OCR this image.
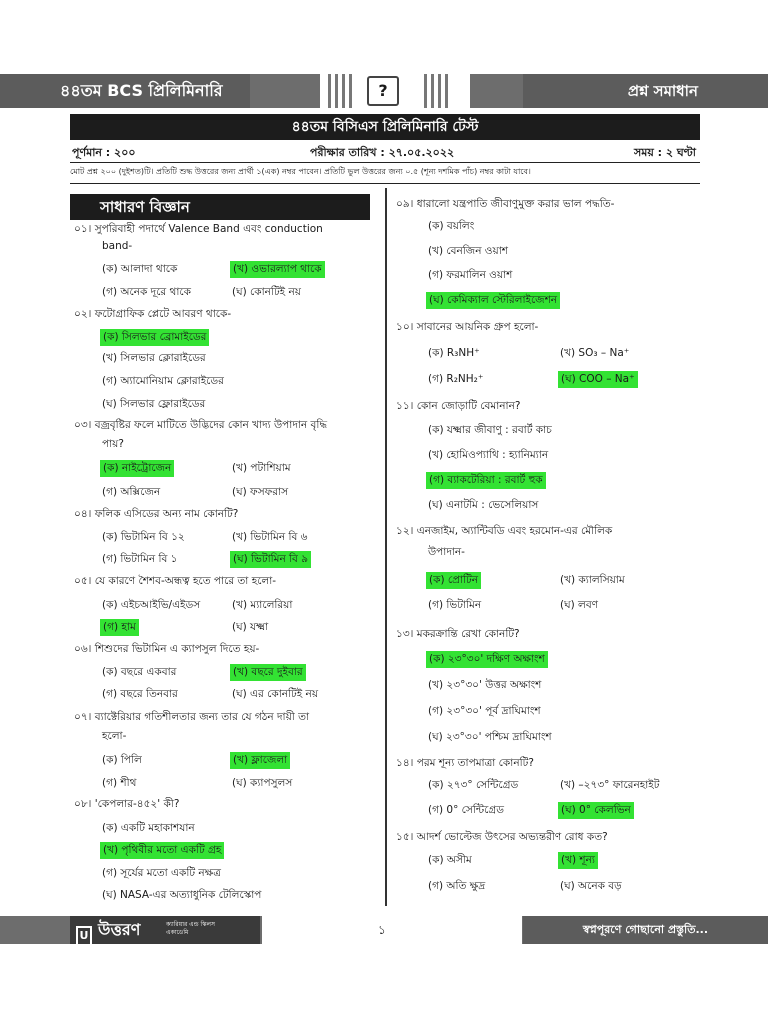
৪৪তম BCS প্রিলিমিনারি	?	প্রশ্ন সমাধান
৪৪তম বিসিএস প্রিলিমিনারি টেস্ট
পূর্ণমান : ২০০	পরীক্ষার তারিখ : ২৭.০৫.২০২২	সময় : ২ ঘণ্টা
মোট প্রশ্ন ২০০ (দুইশত)টি। প্রতিটি শুদ্ধ উত্তরের জন্য প্রার্থী ১(এক) নম্বর পাবেন। প্রতিটি ভুল উত্তরের জন্য ০.৫ (শূন্য দশমিক পাঁচ) নম্বর কাটা যাবে।
সাধারণ বিজ্ঞান
০১। সুপরিবাহী পদার্থে Valence Band এবং conduction
band-
(ক) আলাদা থাকে	(খ) ওভারল্যাপ থাকে
(গ) অনেক দূরে থাকে	(ঘ) কোনটিই নয়
০২। ফটোগ্রাফিক প্লেটে আবরণ থাকে-
(ক) সিলভার ব্রোমাইডের
(খ) সিলভার ক্লোরাইডের
(গ) অ্যামোনিয়াম ক্লোরাইডের
(ঘ) সিলভার ফ্লোরাইডের
০৩। বজ্রবৃষ্টির ফলে মাটিতে উদ্ভিদের কোন খাদ্য উপাদান বৃদ্ধি
পায়?
(ক) নাইট্রোজেন	(খ) পটাশিয়াম
(গ) অক্সিজেন	(ঘ) ফসফরাস
০৪। ফলিক এসিডের অন্য নাম কোনটি?
(ক) ভিটামিন বি ১২	(খ) ভিটামিন বি ৬
(গ) ভিটামিন বি ১	(ঘ) ভিটামিন বি ৯
০৫। যে কারণে শৈশব-অন্ধত্ব হতে পারে তা হলো-
(ক) এইচআইভি/এইডস	(খ) ম্যালেরিয়া
(গ) হাম	(ঘ) যক্ষ্মা
০৬। শিশুদের ভিটামিন এ ক্যাপসুল দিতে হয়-
(ক) বছরে একবার	(খ) বছরে দুইবার
(গ) বছরে তিনবার	(ঘ) এর কোনটিই নয়
০৭। ব্যাক্টেরিয়ার গতিশীলতার জন্য তার যে গঠন দায়ী তা
হলো-
(ক) পিলি	(খ) ফ্লাজেলা
(গ) শীথ	(ঘ) ক্যাপসুলস
০৮। 'কেপলার-৪৫২' কী?
(ক) একটি মহাকাশযান
(খ) পৃথিবীর মতো একটি গ্রহ
(গ) সূর্যের মতো একটি নক্ষত্র
(ঘ) NASA-এর অত্যাধুনিক টেলিস্কোপ
০৯। ধারালো যন্ত্রপাতি জীবাণুমুক্ত করার ভাল পদ্ধতি-
(ক) বয়লিং
(খ) বেনজিন ওয়াশ
(গ) ফরমালিন ওয়াশ
(ঘ) কেমিক্যাল স্টেরিলাইজেশন
১০। সাবানের আয়নিক গ্রুপ হলো-
(ক) R₃NH⁺	(খ) SO₃ – Na⁺
(গ) R₂NH₂⁺	(ঘ) COO – Na⁺
১১। কোন জোড়াটি বেমানান?
(ক) যক্ষ্মার জীবাণু : রবার্ট কাচ
(খ) হোমিওপ্যাথি : হ্যানিম্যান
(গ) ব্যাকটেরিয়া : রবার্ট হুক
(ঘ) এনাটমি : ভেসেলিয়াস
১২। এনজাইম, অ্যান্টিবডি এবং হরমোন-এর মৌলিক
উপাদান-
(ক) প্রোটিন	(খ) ক্যালসিয়াম
(গ) ভিটামিন	(ঘ) লবণ
১৩। মকরক্রান্তি রেখা কোনটি?
(ক) ২৩°৩০' দক্ষিণ অক্ষাংশ
(খ) ২৩°৩০' উত্তর অক্ষাংশ
(গ) ২৩°৩০' পূর্ব দ্রাঘিমাংশ
(ঘ) ২৩°৩০' পশ্চিম দ্রাঘিমাংশ
১৪। পরম শূন্য তাপমাত্রা কোনটি?
(ক) ২৭৩° সেন্টিগ্রেড	(খ) –২৭৩° ফারেনহাইট
(গ) 0° সেন্টিগ্রেড	(ঘ) 0° কেলভিন
১৫। আদর্শ ভোল্টেজ উৎসের অভ্যন্তরীণ রোধ কত?
(ক) অসীম	(খ) শূন্য
(গ) অতি ক্ষুদ্র	(ঘ) অনেক বড়
U উত্তরণ	ক্যারিয়ার এন্ড স্কিলস একাডেমি	১	স্বপ্নপূরণে গোছানো প্রস্তুতি...
